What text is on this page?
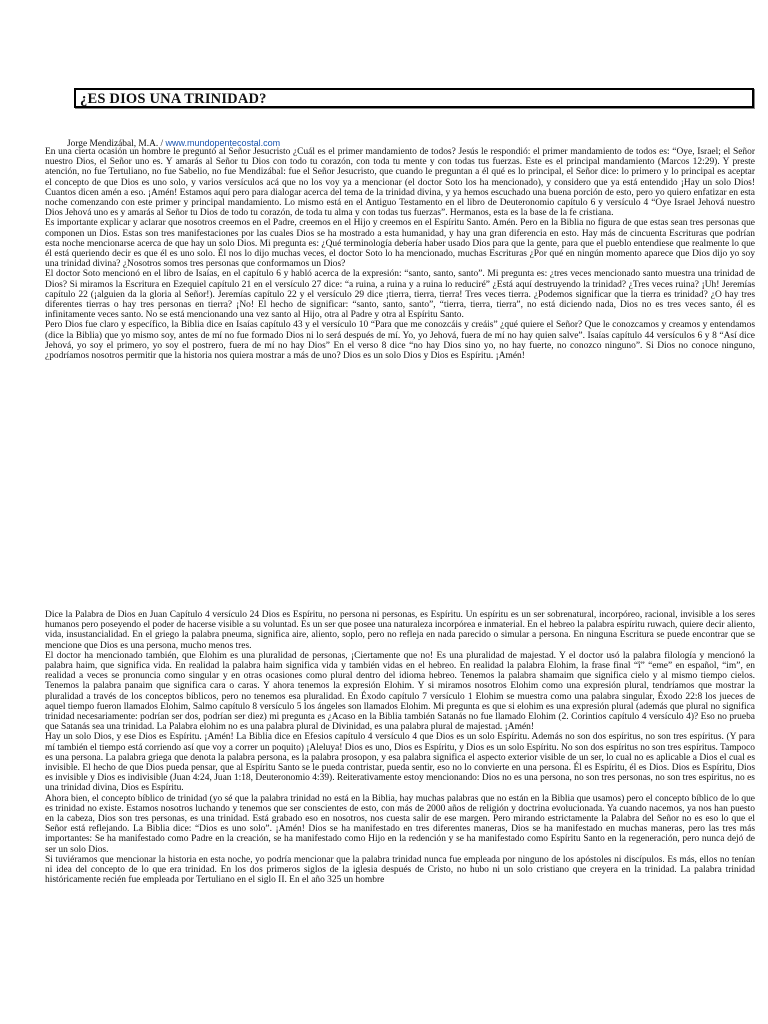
¿ES DIOS UNA TRINIDAD?
Jorge Mendizábal, M.A. / www.mundopentecostal.com

En una cierta ocasión un hombre le preguntó al Señor Jesucristo ¿Cuál es el primer mandamiento de todos? Jesús le respondió: el primer mandamiento de todos es: “Oye, Israel; el Señor nuestro Dios, el Señor uno es. Y amarás al Señor tu Dios con todo tu corazón, con toda tu mente y con todas tus fuerzas. Este es el principal mandamiento (Marcos 12:29). Y preste atención, no fue Tertuliano, no fue Sabelio, no fue Mendizábal: fue el Señor Jesucristo, que cuando le preguntan a él qué es lo principal, el Señor dice: lo primero y lo principal es aceptar el concepto de que Dios es uno solo, y varios versículos acá que no los voy ya a mencionar (el doctor Soto los ha mencionado), y considero que ya está entendido ¡Hay un solo Dios! Cuantos dicen amén a eso. ¡Amén! Estamos aquí pero para dialogar acerca del tema de la trinidad divina, y ya hemos escuchado una buena porción de esto, pero yo quiero enfatizar en esta noche comenzando con este primer y principal mandamiento. Lo mismo está en el Antiguo Testamento en el libro de Deuteronomio capítulo 6 y versículo 4 “Oye Israel Jehová nuestro Dios Jehová uno es y amarás al Señor tu Dios de todo tu corazón, de toda tu alma y con todas tus fuerzas”. Hermanos, esta es la base de la fe cristiana.

Es importante explicar y aclarar que nosotros creemos en el Padre, creemos en el Hijo y creemos en el Espíritu Santo. Amén. Pero en la Biblia no figura de que estas sean tres personas que componen un Dios. Estas son tres manifestaciones por las cuales Dios se ha mostrado a esta humanidad, y hay una gran diferencia en esto. Hay más de cincuenta Escrituras que podrían esta noche mencionarse acerca de que hay un solo Dios. Mi pregunta es: ¿Qué terminología debería haber usado Dios para que la gente, para que el pueblo entendiese que realmente lo que él está queriendo decir es que él es uno solo. Él nos lo dijo muchas veces, el doctor Soto lo ha mencionado, muchas Escrituras ¿Por qué en ningún momento aparece que Dios dijo yo soy una trinidad divina? ¿Nosotros somos tres personas que conformamos un Dios?

El doctor Soto mencionó en el libro de Isaías, en el capítulo 6 y habló acerca de la expresión: “santo, santo, santo”. Mi pregunta es: ¿tres veces mencionado santo muestra una trinidad de Dios? Si miramos la Escritura en Ezequiel capítulo 21 en el versículo 27 dice: “a ruina, a ruina y a ruina lo reduciré” ¿Está aquí destruyendo la trinidad? ¿Tres veces ruina? ¡Uh! Jeremías capítulo 22 (¡alguien da la gloria al Señor!). Jeremías capítulo 22 y el versículo 29 dice ¡tierra, tierra, tierra! Tres veces tierra. ¿Podemos significar que la tierra es trinidad? ¿O hay tres diferentes tierras o hay tres personas en tierra? ¡No! El hecho de significar: “santo, santo, santo”, “tierra, tierra, tierra”, no está diciendo nada, Dios no es tres veces santo, él es infinitamente veces santo. No se está mencionando una vez santo al Hijo, otra al Padre y otra al Espíritu Santo.

Pero Dios fue claro y específico, la Biblia dice en Isaías capítulo 43 y el versículo 10 “Para que me conozcáis y creáis” ¿qué quiere el Señor? Que le conozcamos y creamos y entendamos (dice la Biblia) que yo mismo soy, antes de mí no fue formado Dios ni lo será después de mí. Yo, yo Jehová, fuera de mí no hay quien salve”. Isaías capítulo 44 versículos 6 y 8 “Así dice Jehová, yo soy el primero, yo soy el postrero, fuera de mí no hay Dios” En el verso 8 dice “no hay Dios sino yo, no hay fuerte, no conozco ninguno”. Si Dios no conoce ninguno, ¿podríamos nosotros permitir que la historia nos quiera mostrar a más de uno? Dios es un solo Dios y Dios es Espíritu. ¡Amén!

Dice la Palabra de Dios en Juan Capítulo 4 versículo 24 Dios es Espíritu, no persona ni personas, es Espíritu. Un espíritu es un ser sobrenatural, incorpóreo, racional, invisible a los seres humanos pero poseyendo el poder de hacerse visible a su voluntad. Es un ser que posee una naturaleza incorpórea e inmaterial. En el hebreo la palabra espíritu ruwach, quiere decir aliento, vida, insustancialidad. En el griego la palabra pneuma, significa aire, aliento, soplo, pero no refleja en nada parecido o simular a persona. En ninguna Escritura se puede encontrar que se mencione que Dios es una persona, mucho menos tres.

El doctor ha mencionado también, que Elohim es una pluralidad de personas, ¡Ciertamente que no! Es una pluralidad de majestad. Y el doctor usó la palabra filología y mencionó la palabra haim, que significa vida. En realidad la palabra haim significa vida y también vidas en el hebreo. En realidad la palabra Elohim, la frase final “î” “eme” en español, “im”, en realidad a veces se pronuncia como singular y en otras ocasiones como plural dentro del idioma hebreo. Tenemos la palabra shamaim que significa cielo y al mismo tiempo cielos. Tenemos la palabra panaim que significa cara o caras. Y ahora tenemos la expresión Elohim. Y si miramos nosotros Elohim como una expresión plural, tendríamos que mostrar la pluralidad a través de los conceptos bíblicos, pero no tenemos esa pluralidad. En Éxodo capítulo 7 versículo 1 Elohim se muestra como una palabra singular, Éxodo 22:8 los jueces de aquel tiempo fueron llamados Elohim, Salmo capítulo 8 versículo 5 los ángeles son llamados Elohim. Mi pregunta es que si elohim es una expresión plural (además que plural no significa trinidad necesariamente: podrían ser dos, podrían ser diez) mi pregunta es ¿Acaso en la Biblia también Satanás no fue llamado Elohim (2. Corintios capítulo 4 versículo 4)? Eso no prueba que Satanás sea una trinidad. La Palabra elohim no es una palabra plural de Divinidad, es una palabra plural de majestad. ¡Amén!

Hay un solo Dios, y ese Dios es Espíritu. ¡Amén! La Biblia dice en Efesios capítulo 4 versículo 4 que Dios es un solo Espíritu. Además no son dos espíritus, no son tres espíritus. (Y para mí también el tiempo está corriendo así que voy a correr un poquito) ¡Aleluya! Dios es uno, Dios es Espíritu, y Dios es un solo Espíritu. No son dos espíritus no son tres espíritus. Tampoco es una persona. La palabra griega que denota la palabra persona, es la palabra prosopon, y esa palabra significa el aspecto exterior visible de un ser, lo cual no es aplicable a Dios el cual es invisible. El hecho de que Dios pueda pensar, que al Espíritu Santo se le pueda contristar, pueda sentir, eso no lo convierte en una persona. Él es Espíritu, él es Dios. Dios es Espíritu, Dios es invisible y Dios es indivisible (Juan 4:24, Juan 1:18, Deuteronomio 4:39). Reiterativamente estoy mencionando: Dios no es una persona, no son tres personas, no son tres espíritus, no es una trinidad divina, Dios es Espíritu.

Ahora bien, el concepto bíblico de trinidad (yo sé que la palabra trinidad no está en la Biblia, hay muchas palabras que no están en la Biblia que usamos) pero el concepto bíblico de lo que es trinidad no existe. Estamos nosotros luchando y tenemos que ser conscientes de esto, con más de 2000 años de religión y doctrina evolucionada. Ya cuando nacemos, ya nos han puesto en la cabeza, Dios son tres personas, es una trinidad. Está grabado eso en nosotros, nos cuesta salir de ese margen. Pero mirando estrictamente la Palabra del Señor no es eso lo que el Señor está reflejando. La Biblia dice: “Dios es uno solo”. ¡Amén! Dios se ha manifestado en tres diferentes maneras, Dios se ha manifestado en muchas maneras, pero las tres más importantes: Se ha manifestado como Padre en la creación, se ha manifestado como Hijo en la redención y se ha manifestado como Espíritu Santo en la regeneración, pero nunca dejó de ser un solo Dios.

Si tuviéramos que mencionar la historia en esta noche, yo podría mencionar que la palabra trinidad nunca fue empleada por ninguno de los apóstoles ni discípulos. Es más, ellos no tenían ni idea del concepto de lo que era trinidad. En los dos primeros siglos de la iglesia después de Cristo, no hubo ni un solo cristiano que creyera en la trinidad. La palabra trinidad históricamente recién fue empleada por Tertuliano en el siglo II. En el año 325 un hombre
